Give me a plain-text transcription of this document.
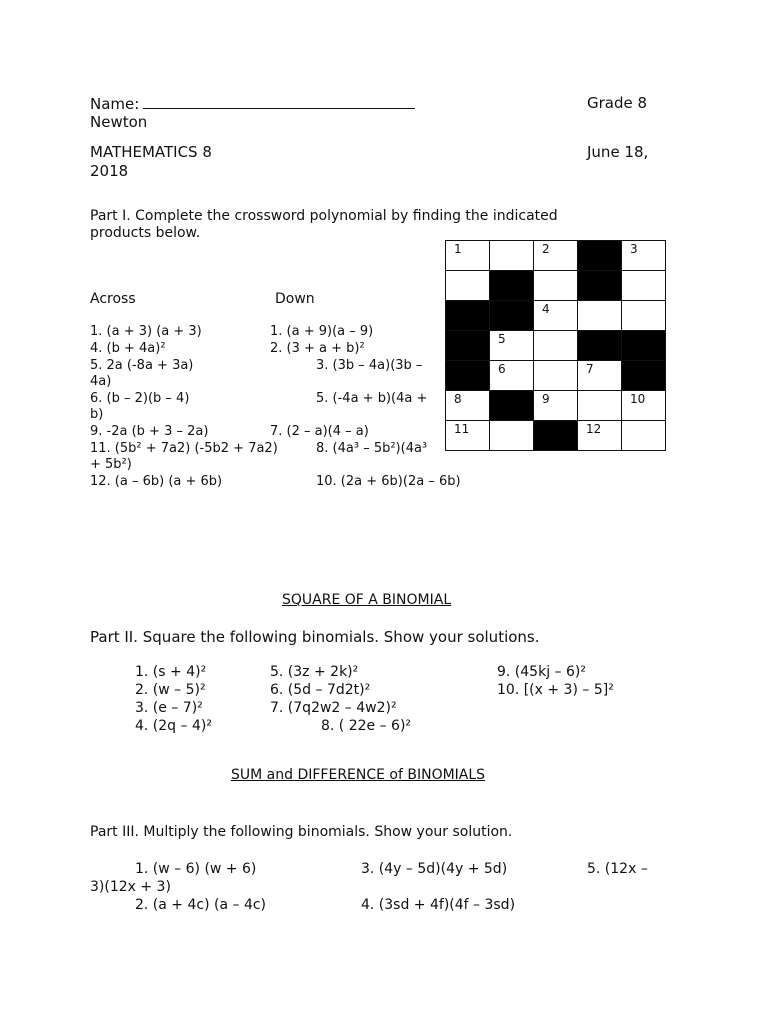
Name:	Grade 8
Newton
MATHEMATICS 8	June 18,
2018
Part I. Complete the crossword polynomial by finding the indicated
products below.
Across	Down
1. (a + 3) (a + 3)	1. (a + 9)(a – 9)
4. (b + 4a)²	2. (3 + a + b)²
5. 2a (-8a + 3a)	3. (3b – 4a)(3b –
4a)
6. (b – 2)(b – 4)	5. (-4a + b)(4a +
b)
9. -2a (b + 3 – 2a)	7. (2 – a)(4 – a)
11. (5b² + 7a2) (-5b2 + 7a2)	8. (4a³ – 5b²)(4a³
+ 5b²)
12. (a – 6b) (a + 6b)	10. (2a + 6b)(2a – 6b)
1		2		3

		4		

	5			

	6		7	

8		9		10

11			12	

SQUARE OF A BINOMIAL
Part II. Square the following binomials. Show your solutions.
1. (s + 4)²
2. (w – 5)²
3. (e – 7)²
4. (2q – 4)²
5. (3z + 2k)²
6. (5d – 7d2t)²
7. (7q2w2 – 4w2)²
8. ( 22e – 6)²
9. (45kj – 6)²
10. [(x + 3) – 5]²
SUM and DIFFERENCE of BINOMIALS
Part III. Multiply the following binomials. Show your solution.
1. (w – 6) (w + 6)	3. (4y – 5d)(4y + 5d)	5. (12x –
3)(12x + 3)
2. (a + 4c) (a – 4c)	4. (3sd + 4f)(4f – 3sd)
